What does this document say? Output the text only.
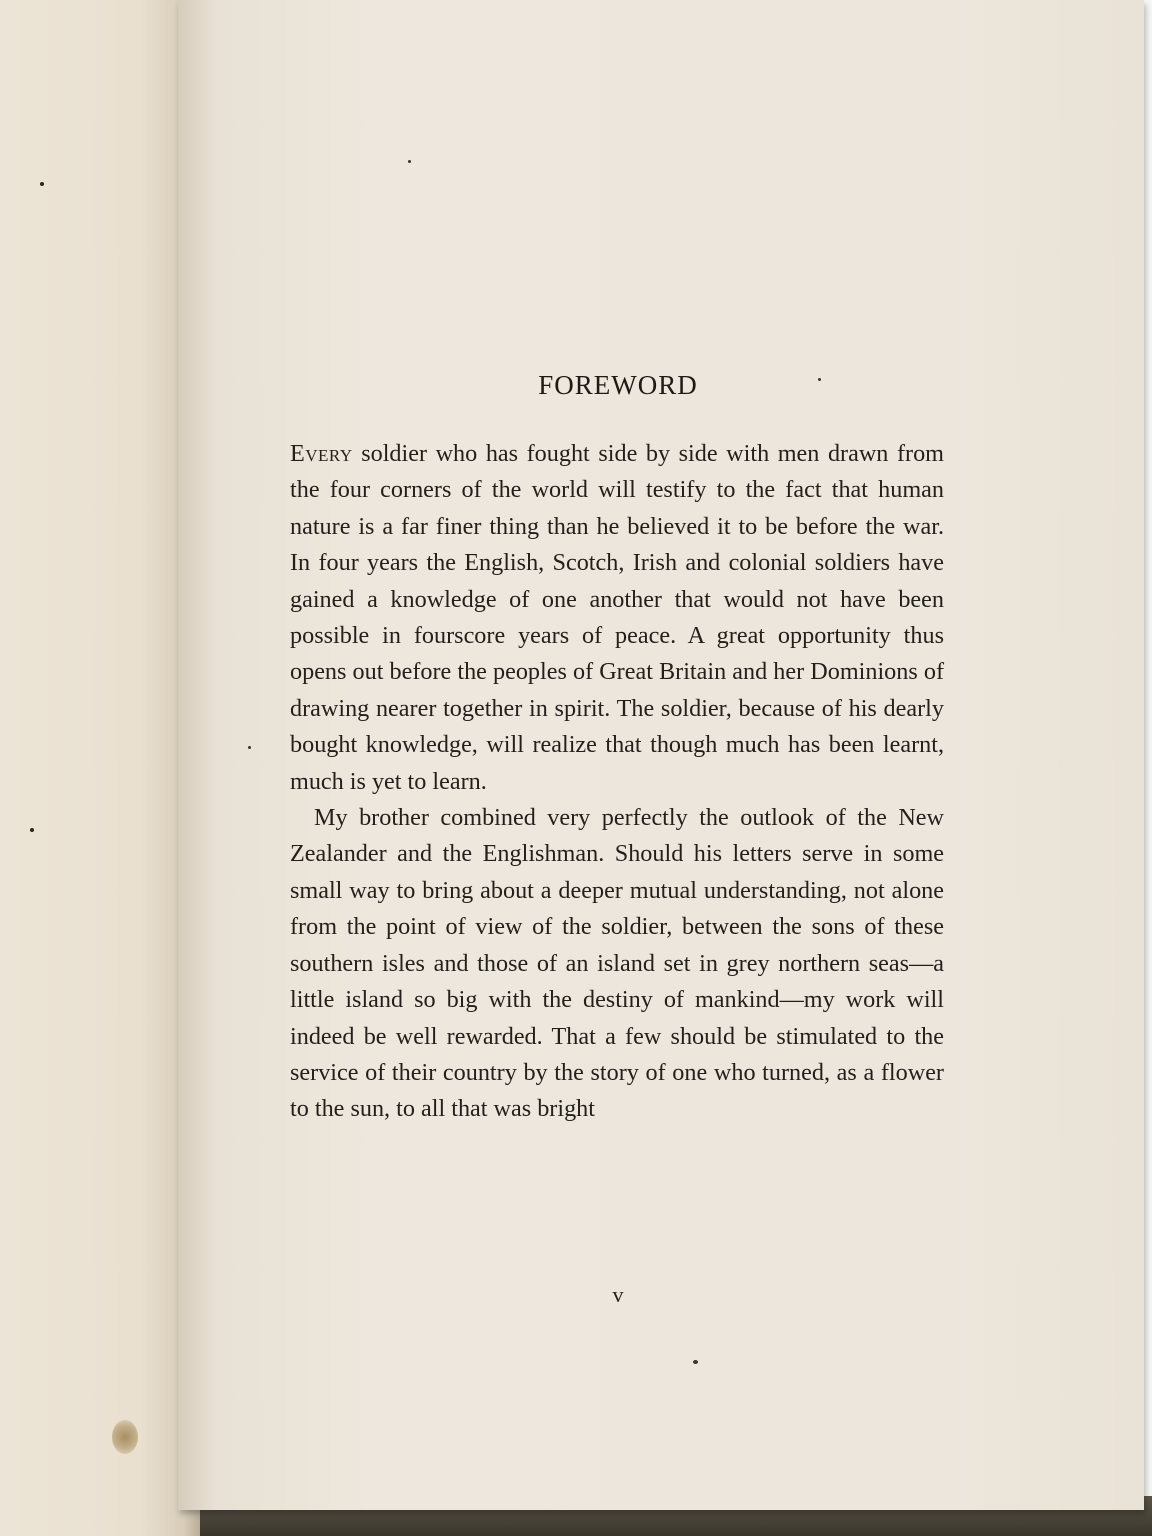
FOREWORD

Every soldier who has fought side by side with men drawn from the four corners of the world will testify to the fact that human nature is a far finer thing than he believed it to be before the war. In four years the English, Scotch, Irish and colonial soldiers have gained a knowledge of one another that would not have been possible in fourscore years of peace. A great opportunity thus opens out before the peoples of Great Britain and her Dominions of drawing nearer together in spirit. The soldier, because of his dearly bought knowledge, will realize that though much has been learnt, much is yet to learn.

My brother combined very perfectly the outlook of the New Zealander and the Englishman. Should his letters serve in some small way to bring about a deeper mutual understanding, not alone from the point of view of the soldier, between the sons of these southern isles and those of an island set in grey northern seas—a little island so big with the destiny of mankind—my work will indeed be well rewarded. That a few should be stimulated to the service of their country by the story of one who turned, as a flower to the sun, to all that was bright

v
